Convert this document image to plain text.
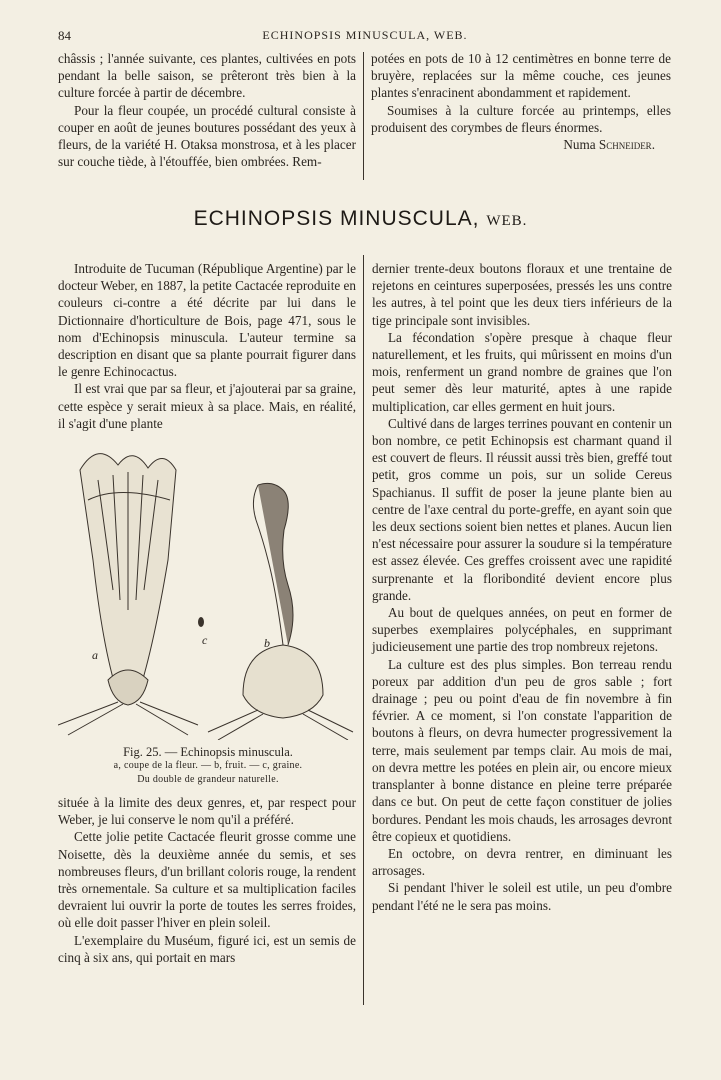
84	ECHINOPSIS MINUSCULA, WEB.

châssis ; l'année suivante, ces plantes, cultivées en pots pendant la belle saison, se prêteront très bien à la culture forcée à partir de décembre.

Pour la fleur coupée, un procédé cultural consiste à couper en août de jeunes boutures possédant des yeux à fleurs, de la variété H. Otaksa monstrosa, et à les placer sur couche tiède, à l'étouffée, bien ombrées. Rem-

potées en pots de 10 à 12 centimètres en bonne terre de bruyère, replacées sur la même couche, ces jeunes plantes s'enracinent abondamment et rapidement.

Soumises à la culture forcée au printemps, elles produisent des corymbes de fleurs énormes.

Numa Schneider.

ECHINOPSIS MINUSCULA, WEB.

Introduite de Tucuman (République Argentine) par le docteur Weber, en 1887, la petite Cactacée reproduite en couleurs ci-contre a été décrite par lui dans le Dictionnaire d'horticulture de Bois, page 471, sous le nom d'Echinopsis minuscula. L'auteur termine sa description en disant que sa plante pourrait figurer dans le genre Echinocactus.

Il est vrai que par sa fleur, et j'ajouterai par sa graine, cette espèce y serait mieux à sa place. Mais, en réalité, il s'agit d'une plante

a
c	b
Fig. 25. — Echinopsis minuscula.
a, coupe de la fleur. — b, fruit. — c, graine.
Du double de grandeur naturelle.

située à la limite des deux genres, et, par respect pour Weber, je lui conserve le nom qu'il a préféré.

Cette jolie petite Cactacée fleurit grosse comme une Noisette, dès la deuxième année du semis, et ses nombreuses fleurs, d'un brillant coloris rouge, la rendent très ornementale. Sa culture et sa multiplication faciles devraient lui ouvrir la porte de toutes les serres froides, où elle doit passer l'hiver en plein soleil.

L'exemplaire du Muséum, figuré ici, est un semis de cinq à six ans, qui portait en mars

dernier trente-deux boutons floraux et une trentaine de rejetons en ceintures superposées, pressés les uns contre les autres, à tel point que les deux tiers inférieurs de la tige principale sont invisibles.

La fécondation s'opère presque à chaque fleur naturellement, et les fruits, qui mûrissent en moins d'un mois, renferment un grand nombre de graines que l'on peut semer dès leur maturité, aptes à une rapide multiplication, car elles germent en huit jours.

Cultivé dans de larges terrines pouvant en contenir un bon nombre, ce petit Echinopsis est charmant quand il est couvert de fleurs. Il réussit aussi très bien, greffé tout petit, gros comme un pois, sur un solide Cereus Spachianus. Il suffit de poser la jeune plante bien au centre de l'axe central du porte-greffe, en ayant soin que les deux sections soient bien nettes et planes. Aucun lien n'est nécessaire pour assurer la soudure si la température est assez élevée. Ces greffes croissent avec une rapidité surprenante et la floribondité devient encore plus grande.

Au bout de quelques années, on peut en former de superbes exemplaires polycéphales, en supprimant judicieusement une partie des trop nombreux rejetons.

La culture est des plus simples. Bon terreau rendu poreux par addition d'un peu de gros sable ; fort drainage ; peu ou point d'eau de fin novembre à fin février. A ce moment, si l'on constate l'apparition de boutons à fleurs, on devra humecter progressivement la terre, mais seulement par temps clair. Au mois de mai, on devra mettre les potées en plein air, ou encore mieux transplanter à bonne distance en pleine terre préparée dans ce but. On peut de cette façon constituer de jolies bordures. Pendant les mois chauds, les arrosages devront être copieux et quotidiens.

En octobre, on devra rentrer, en diminuant les arrosages.

Si pendant l'hiver le soleil est utile, un peu d'ombre pendant l'été ne le sera pas moins.
